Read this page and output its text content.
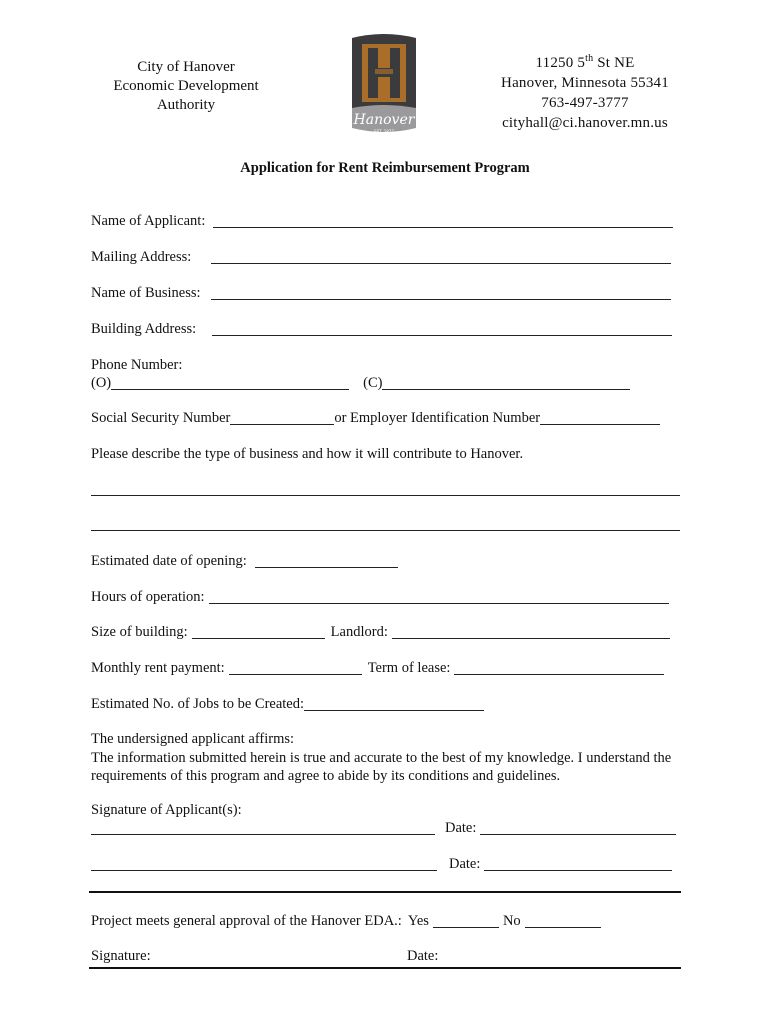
City of Hanover
Economic Development
Authority
Hanover
EST. 1877
11250 5th St NE
Hanover, Minnesota 55341
763-497-3777
cityhall@ci.hanover.mn.us
Application for Rent Reimbursement Program
Name of Applicant:
Mailing Address:
Name of Business:
Building Address:
Phone Number:
(O)	(C)
Social Security Number	or Employer Identification Number
Please describe the type of business and how it will contribute to Hanover.
Estimated date of opening:
Hours of operation:
Size of building:	Landlord:
Monthly rent payment:	Term of lease:
Estimated No. of Jobs to be Created:
The undersigned applicant affirms:
The information submitted herein is true and accurate to the best of my knowledge. I understand the requirements of this program and agree to abide by its conditions and guidelines.
Signature of Applicant(s):
Date:
Date:
Project meets general approval of the Hanover EDA.: Yes	No
Signature:	Date:
